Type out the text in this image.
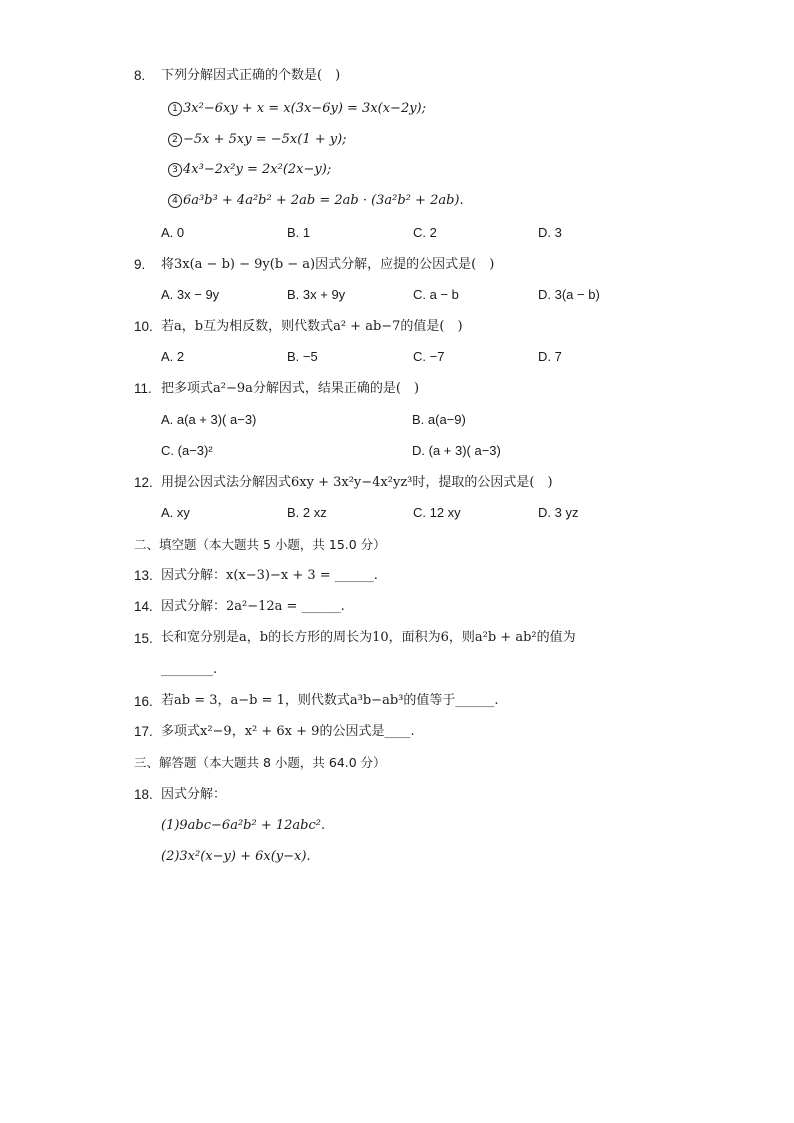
8. 下列分解因式正确的个数是(　)
1 3x²−6xy + x = x(3x−6y) = 3x(x−2y);
2 −5x + 5xy = −5x(1 + y);
3 4x³−2x²y = 2x²(2x−y);
4 6a³b³ + 4a²b² + 2ab = 2ab · (3a²b² + 2ab).
A. 0	B. 1	C. 2	D. 3
9. 将3x(a − b) − 9y(b − a)因式分解，应提的公因式是(　)
A. 3x − 9y	B. 3x + 9y	C. a − b	D. 3(a − b)
10. 若a，b互为相反数，则代数式a² + ab−7的值是(　)
A. 2	B. −5	C. −7	D. 7
11. 把多项式a²−9a分解因式，结果正确的是(　)
A. a(a + 3)( a−3)	B. a(a−9)
C. (a−3)²	D. (a + 3)( a−3)
12. 用提公因式法分解因式6xy + 3x²y−4x²yz³时，提取的公因式是(　)
A. xy	B. 2 xz	C. 12 xy	D. 3 yz
二、填空题（本大题共 5 小题，共 15.0 分）
13. 因式分解：x(x−3)−x + 3 = ______.
14. 因式分解：2a²−12a = ______.
15. 长和宽分别是a，b的长方形的周长为10，面积为6，则a²b + ab²的值为
________.
16. 若ab = 3，a−b = 1，则代数式a³b−ab³的值等于______.
17. 多项式x²−9，x² + 6x + 9的公因式是____.
三、解答题（本大题共 8 小题，共 64.0 分）
18. 因式分解：
(1)9abc−6a²b² + 12abc².
(2)3x²(x−y) + 6x(y−x).
